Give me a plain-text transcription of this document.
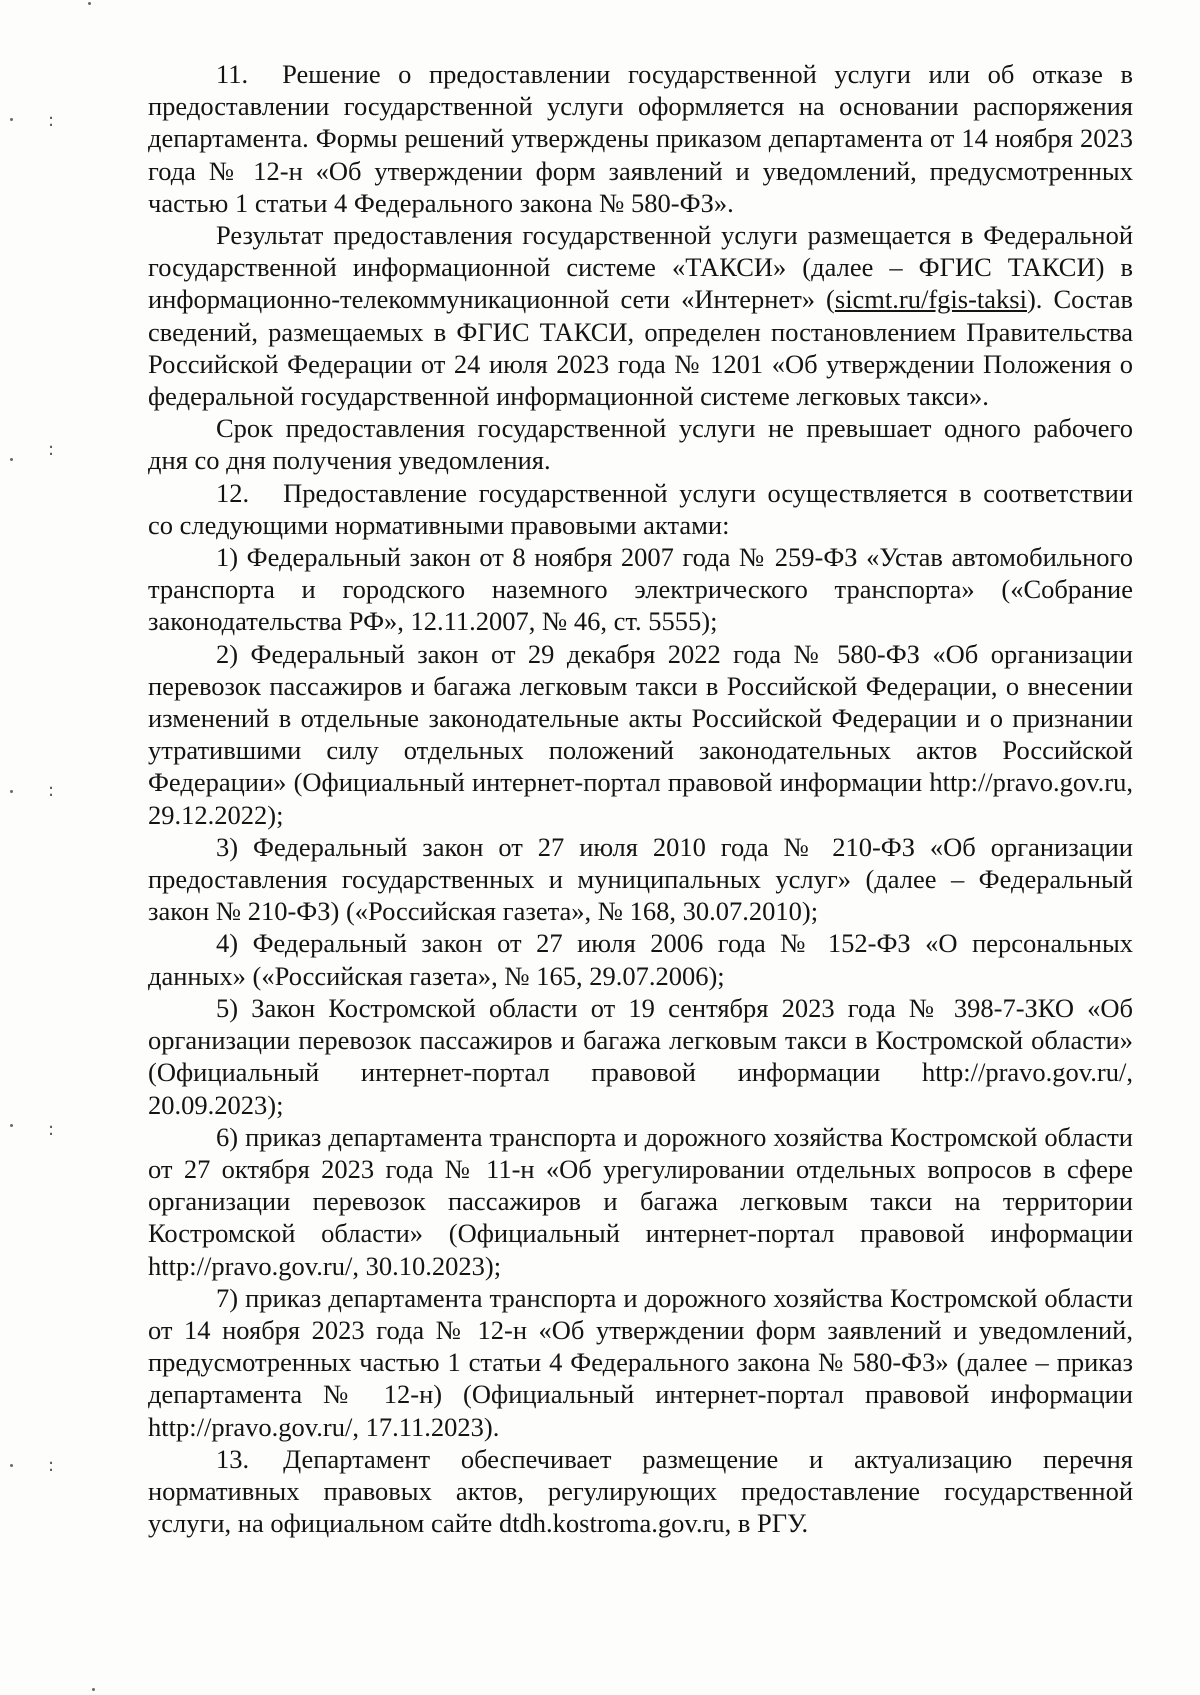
:
:
:
:
:

11. Решение о предоставлении государственной услуги или об отказе в предоставлении государственной услуги оформляется на основании распоряжения департамента. Формы решений утверждены приказом департамента от 14 ноября 2023 года № 12-н «Об утверждении форм заявлений и уведомлений, предусмотренных частью 1 статьи 4 Федерального закона № 580-ФЗ».

Результат предоставления государственной услуги размещается в Федеральной государственной информационной системе «ТАКСИ» (далее – ФГИС ТАКСИ) в информационно-телекоммуникационной сети «Интернет» (sicmt.ru/fgis-taksi). Состав сведений, размещаемых в ФГИС ТАКСИ, определен постановлением Правительства Российской Федерации от 24 июля 2023 года № 1201 «Об утверждении Положения о федеральной государственной информационной системе легковых такси».

Срок предоставления государственной услуги не превышает одного рабочего дня со дня получения уведомления.

12. Предоставление государственной услуги осуществляется в соответствии со следующими нормативными правовыми актами:

1) Федеральный закон от 8 ноября 2007 года № 259-ФЗ «Устав автомобильного транспорта и городского наземного электрического транспорта» («Собрание законодательства РФ», 12.11.2007, № 46, ст. 5555);

2) Федеральный закон от 29 декабря 2022 года № 580-ФЗ «Об организации перевозок пассажиров и багажа легковым такси в Российской Федерации, о внесении изменений в отдельные законодательные акты Российской Федерации и о признании утратившими силу отдельных положений законодательных актов Российской Федерации» (Официальный интернет-портал правовой информации http://pravo.gov.ru, 29.12.2022);

3) Федеральный закон от 27 июля 2010 года № 210-ФЗ «Об организации предоставления государственных и муниципальных услуг» (далее – Федеральный закон № 210-ФЗ) («Российская газета», № 168, 30.07.2010);

4) Федеральный закон от 27 июля 2006 года № 152-ФЗ «О персональных данных» («Российская газета», № 165, 29.07.2006);

5) Закон Костромской области от 19 сентября 2023 года № 398-7-ЗКО «Об организации перевозок пассажиров и багажа легковым такси в Костромской области» (Официальный интернет-портал правовой информации http://pravo.gov.ru/, 20.09.2023);

6) приказ департамента транспорта и дорожного хозяйства Костромской области от 27 октября 2023 года № 11-н «Об урегулировании отдельных вопросов в сфере организации перевозок пассажиров и багажа легковым такси на территории Костромской области» (Официальный интернет-портал правовой информации http://pravo.gov.ru/, 30.10.2023);

7) приказ департамента транспорта и дорожного хозяйства Костромской области от 14 ноября 2023 года № 12-н «Об утверждении форм заявлений и уведомлений, предусмотренных частью 1 статьи 4 Федерального закона № 580-ФЗ» (далее – приказ департамента № 12-н) (Официальный интернет-портал правовой информации http://pravo.gov.ru/, 17.11.2023).

13. Департамент обеспечивает размещение и актуализацию перечня нормативных правовых актов, регулирующих предоставление государственной услуги, на официальном сайте dtdh.kostroma.gov.ru, в РГУ.
